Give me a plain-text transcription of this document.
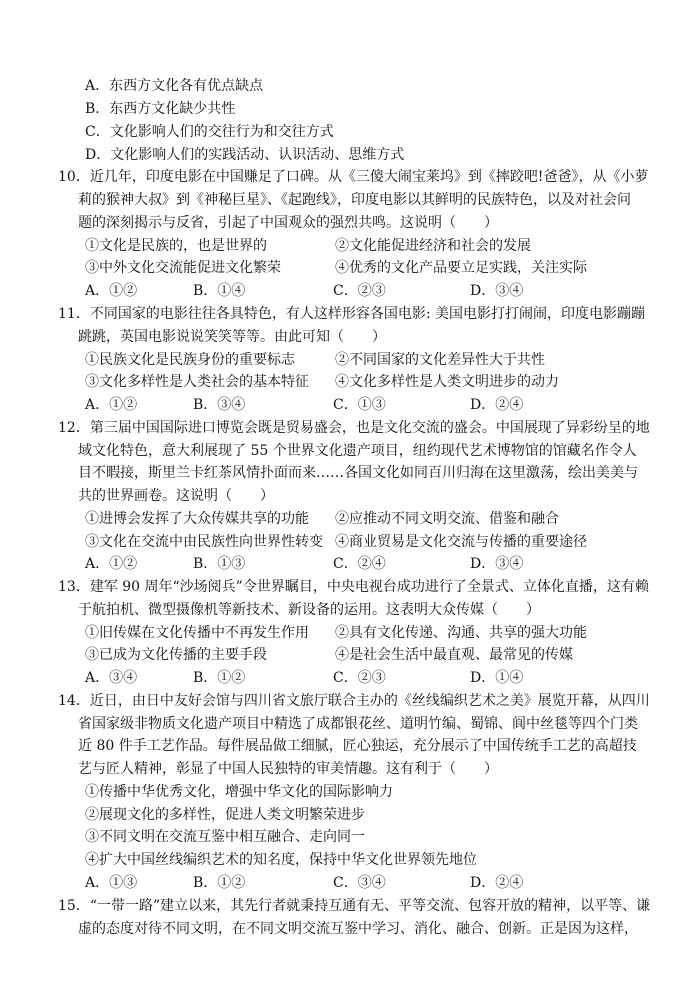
A．东西方文化各有优点缺点
B．东西方文化缺少共性
C．文化影响人们的交往行为和交往方式
D．文化影响人们的实践活动、认识活动、思维方式
10．近几年，印度电影在中国赚足了口碑。从《三傻大闹宝莱坞》到《摔跤吧!爸爸》，从《小萝
莉的猴神大叔》到《神秘巨星》、《起跑线》，印度电影以其鲜明的民族特色，以及对社会问
题的深刻揭示与反省，引起了中国观众的强烈共鸣。这说明（　　）
①文化是民族的，也是世界的	②文化能促进经济和社会的发展
③中外文化交流能促进文化繁荣	④优秀的文化产品要立足实践，关注实际
A．①②	B．①④	C．②③	D．③④
11．不同国家的电影往往各具特色，有人这样形容各国电影: 美国电影打打闹闹，印度电影蹦蹦
跳跳，英国电影说说笑笑等等。由此可知（　　）
①民族文化是民族身份的重要标志	②不同国家的文化差异性大于共性
③文化多样性是人类社会的基本特征 ④文化多样性是人类文明进步的动力
A．①②	B．③④	C．①③	D．②④
12．第三届中国国际进口博览会既是贸易盛会，也是文化交流的盛会。中国展现了异彩纷呈的地
域文化特色，意大利展现了 55 个世界文化遗产项目，纽约现代艺术博物馆的馆藏名作令人
目不暇接，斯里兰卡红茶风情扑面而来……各国文化如同百川归海在这里激荡，绘出美美与
共的世界画卷。这说明（　　）
①进博会发挥了大众传媒共享的功能 ②应推动不同文明交流、借鉴和融合
③文化在交流中由民族性向世界性转变 ④商业贸易是文化交流与传播的重要途径
A．①②	B．①③	C．②④	D．③④
13．建军 90 周年“沙场阅兵”令世界瞩目，中央电视台成功进行了全景式、立体化直播，这有赖
于航拍机、微型摄像机等新技术、新设备的运用。这表明大众传媒（　　）
①旧传媒在文化传播中不再发生作用 ②具有文化传递、沟通、共享的强大功能
③已成为文化传播的主要手段	④是社会生活中最直观、最常见的传媒
A．③④	B．①②	C．②③	D．①④
14．近日，由日中友好会馆与四川省文旅厅联合主办的《丝线编织艺术之美》展览开幕，从四川
省国家级非物质文化遗产项目中精选了成都银花丝、道明竹编、蜀锦、阆中丝毯等四个门类
近 80 件手工艺作品。每件展品做工细腻，匠心独运，充分展示了中国传统手工艺的高超技
艺与匠人精神，彰显了中国人民独特的审美情趣。这有利于（　　）
①传播中华优秀文化，增强中华文化的国际影响力
②展现文化的多样性，促进人类文明繁荣进步
③不同文明在交流互鉴中相互融合、走向同一
④扩大中国丝线编织艺术的知名度，保持中华文化世界领先地位
A．①③	B．①②	C．③④	D．②④
15．“一带一路”建立以来，其先行者就秉持互通有无、平等交流、包容开放的精神，以平等、谦
虚的态度对待不同文明，在不同文明交流互鉴中学习、消化、融合、创新。正是因为这样，
